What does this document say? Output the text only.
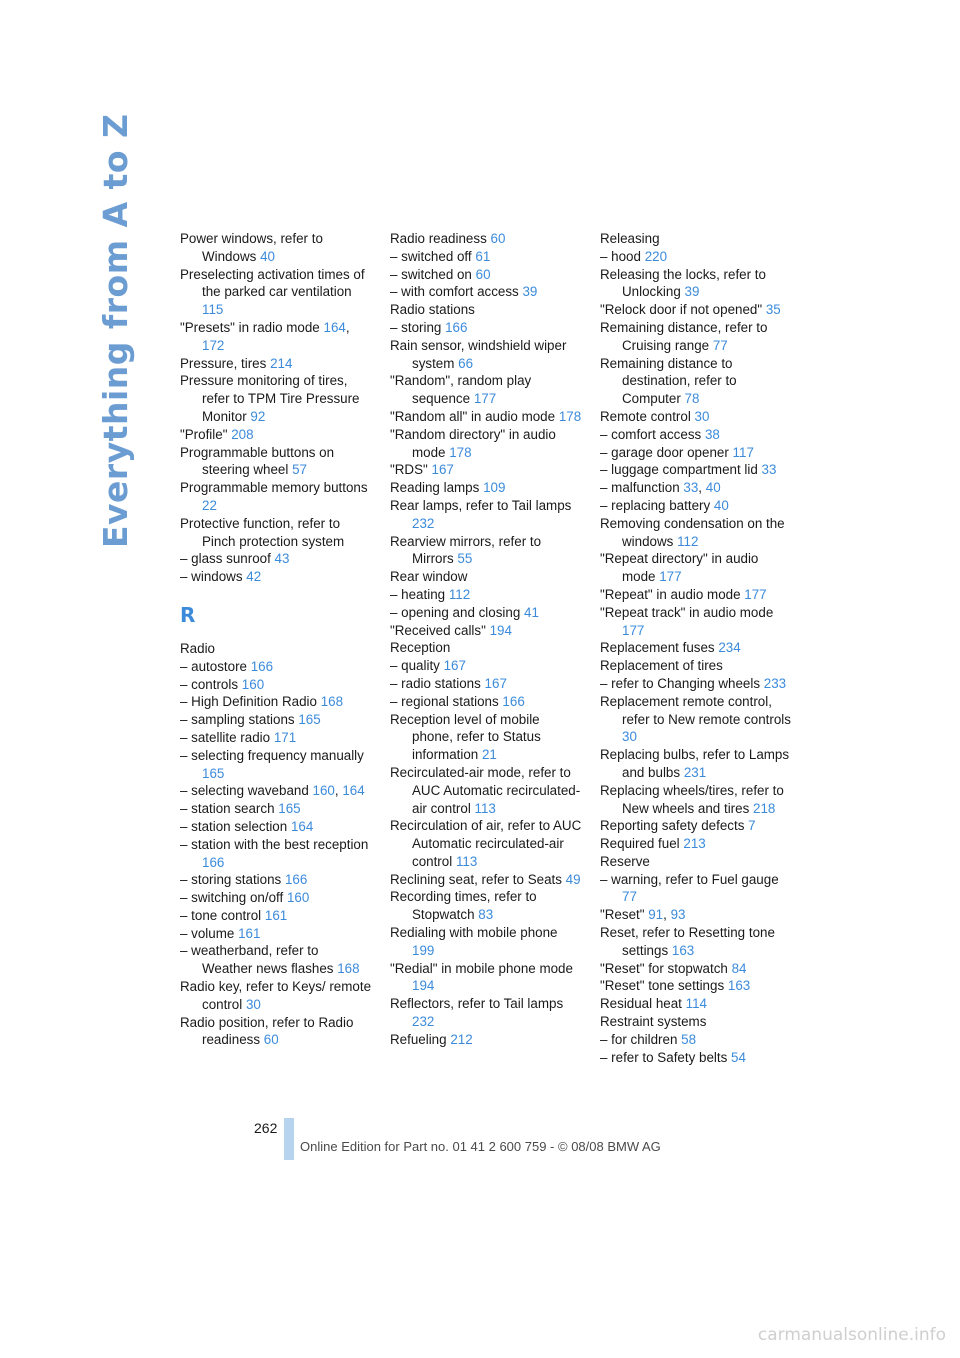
Everything from A to Z	Power windows, refer to Windows 40
Preselecting activation times of the parked car ventilation 115
"Presets" in radio mode 164, 172
Pressure, tires 214
Pressure monitoring of tires, refer to TPM Tire Pressure Monitor 92
"Profile" 208
Programmable buttons on steering wheel 57
Programmable memory buttons 22
Protective function, refer to Pinch protection system
– glass sunroof 43
– windows 42
R
Radio
– autostore 166
– controls 160
– High Definition Radio 168
– sampling stations 165
– satellite radio 171
– selecting frequency manually 165
– selecting waveband 160, 164
– station search 165
– station selection 164
– station with the best reception 166
– storing stations 166
– switching on/off 160
– tone control 161
– volume 161
– weatherband, refer to Weather news flashes 168
Radio key, refer to Keys/ remote control 30
Radio position, refer to Radio readiness 60
Radio readiness 60
– switched off 61
– switched on 60
– with comfort access 39
Radio stations
– storing 166
Rain sensor, windshield wiper system 66
"Random", random play sequence 177
"Random all" in audio mode 178
"Random directory" in audio mode 178
"RDS" 167
Reading lamps 109
Rear lamps, refer to Tail lamps 232
Rearview mirrors, refer to Mirrors 55
Rear window
– heating 112
– opening and closing 41
"Received calls" 194
Reception
– quality 167
– radio stations 167
– regional stations 166
Reception level of mobile phone, refer to Status information 21
Recirculated-air mode, refer to AUC Automatic recirculated-air control 113
Recirculation of air, refer to AUC Automatic recirculated-air control 113
Reclining seat, refer to Seats 49
Recording times, refer to Stopwatch 83
Redialing with mobile phone 199
"Redial" in mobile phone mode 194
Reflectors, refer to Tail lamps 232
Refueling 212
Releasing
– hood 220
Releasing the locks, refer to Unlocking 39
"Relock door if not opened" 35
Remaining distance, refer to Cruising range 77
Remaining distance to destination, refer to Computer 78
Remote control 30
– comfort access 38
– garage door opener 117
– luggage compartment lid 33
– malfunction 33, 40
– replacing battery 40
Removing condensation on the windows 112
"Repeat directory" in audio mode 177
"Repeat" in audio mode 177
"Repeat track" in audio mode 177
Replacement fuses 234
Replacement of tires
– refer to Changing wheels 233
Replacement remote control, refer to New remote controls 30
Replacing bulbs, refer to Lamps and bulbs 231
Replacing wheels/tires, refer to New wheels and tires 218
Reporting safety defects 7
Required fuel 213
Reserve
– warning, refer to Fuel gauge 77
"Reset" 91, 93
Reset, refer to Resetting tone settings 163
"Reset" for stopwatch 84
"Reset" tone settings 163
Residual heat 114
Restraint systems
– for children 58
– refer to Safety belts 54
262
Online Edition for Part no. 01 41 2 600 759 - © 08/08 BMW AG
carmanualsonline.info
